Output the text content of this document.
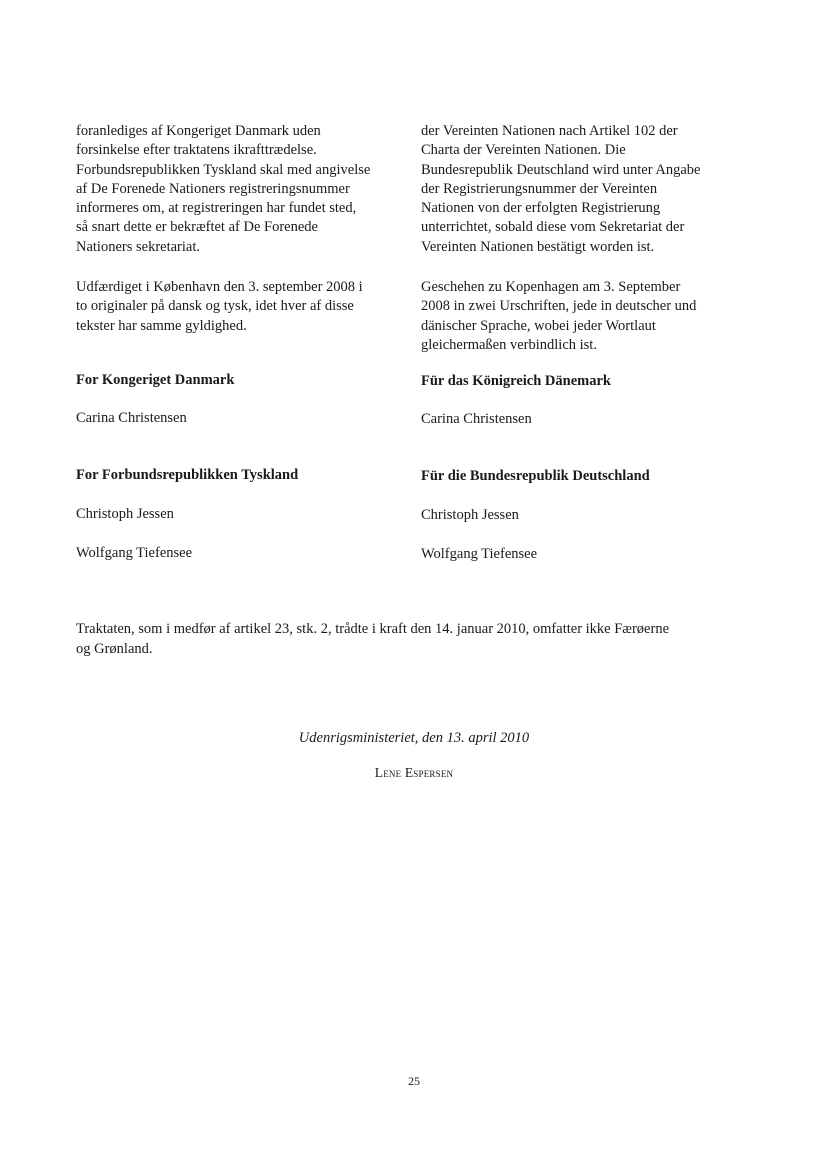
foranlediges af Kongeriget Danmark uden
forsinkelse efter traktatens ikrafttrædelse.
Forbundsrepublikken Tyskland skal med angivelse
af De Forenede Nationers registreringsnummer
informeres om, at registreringen har fundet sted,
så snart dette er bekræftet af De Forenede
Nationers sekretariat.

Udfærdiget i København den 3. september 2008 i
to originaler på dansk og tysk, idet hver af disse
tekster har samme gyldighed.

For Kongeriget Danmark
Carina Christensen
For Forbundsrepublikken Tyskland
Christoph Jessen
Wolfgang Tiefensee

der Vereinten Nationen nach Artikel 102 der
Charta der Vereinten Nationen. Die
Bundesrepublik Deutschland wird unter Angabe
der Registrierungsnummer der Vereinten
Nationen von der erfolgten Registrierung
unterrichtet, sobald diese vom Sekretariat der
Vereinten Nationen bestätigt worden ist.

Geschehen zu Kopenhagen am 3. September
2008 in zwei Urschriften, jede in deutscher und
dänischer Sprache, wobei jeder Wortlaut
gleichermaßen verbindlich ist.

Für das Königreich Dänemark
Carina Christensen
Für die Bundesrepublik Deutschland
Christoph Jessen
Wolfgang Tiefensee
Traktaten, som i medfør af artikel 23, stk. 2, trådte i kraft den 14. januar 2010, omfatter ikke Færøerne
og Grønland.
Udenrigsministeriet, den 13. april 2010
Lene Espersen
25
